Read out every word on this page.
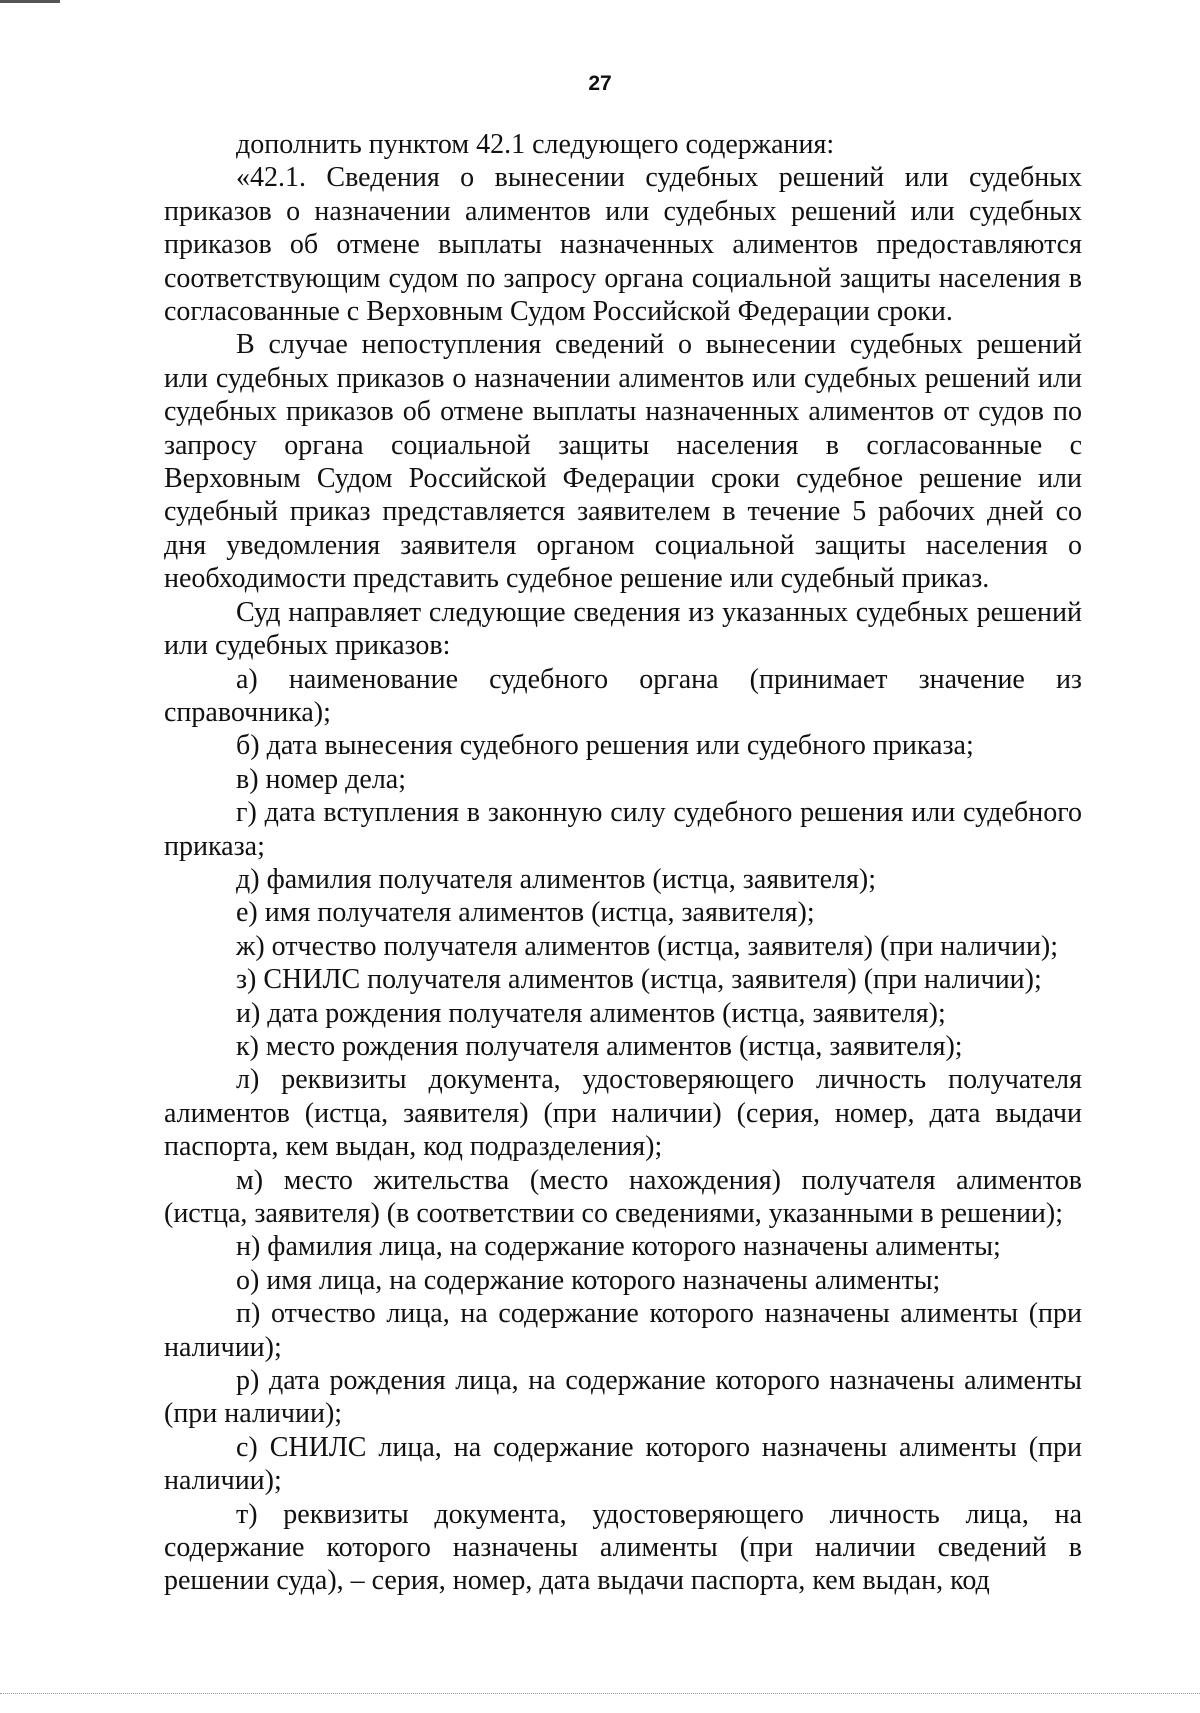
27

дополнить пунктом 42.1 следующего содержания:

«42.1. Сведения о вынесении судебных решений или судебных приказов о назначении алиментов или судебных решений или судебных приказов об отмене выплаты назначенных алиментов предоставляются соответствующим судом по запросу органа социальной защиты населения в согласованные с Верховным Судом Российской Федерации сроки.

В случае непоступления сведений о вынесении судебных решений или судебных приказов о назначении алиментов или судебных решений или судебных приказов об отмене выплаты назначенных алиментов от судов по запросу органа социальной защиты населения в согласованные с Верховным Судом Российской Федерации сроки судебное решение или судебный приказ представляется заявителем в течение 5 рабочих дней со дня уведомления заявителя органом социальной защиты населения о необходимости представить судебное решение или судебный приказ.

Суд направляет следующие сведения из указанных судебных решений или судебных приказов:

а) наименование судебного органа (принимает значение из справочника);

б) дата вынесения судебного решения или судебного приказа;

в) номер дела;

г) дата вступления в законную силу судебного решения или судебного приказа;

д) фамилия получателя алиментов (истца, заявителя);

е) имя получателя алиментов (истца, заявителя);

ж) отчество получателя алиментов (истца, заявителя) (при наличии);

з) СНИЛС получателя алиментов (истца, заявителя) (при наличии);

и) дата рождения получателя алиментов (истца, заявителя);

к) место рождения получателя алиментов (истца, заявителя);

л) реквизиты документа, удостоверяющего личность получателя алиментов (истца, заявителя) (при наличии) (серия, номер, дата выдачи паспорта, кем выдан, код подразделения);

м) место жительства (место нахождения) получателя алиментов (истца, заявителя) (в соответствии со сведениями, указанными в решении);

н) фамилия лица, на содержание которого назначены алименты;

о) имя лица, на содержание которого назначены алименты;

п) отчество лица, на содержание которого назначены алименты (при наличии);

р) дата рождения лица, на содержание которого назначены алименты (при наличии);

с) СНИЛС лица, на содержание которого назначены алименты (при наличии);

т) реквизиты документа, удостоверяющего личность лица, на содержание которого назначены алименты (при наличии сведений в решении суда), – серия, номер, дата выдачи паспорта, кем выдан, код
